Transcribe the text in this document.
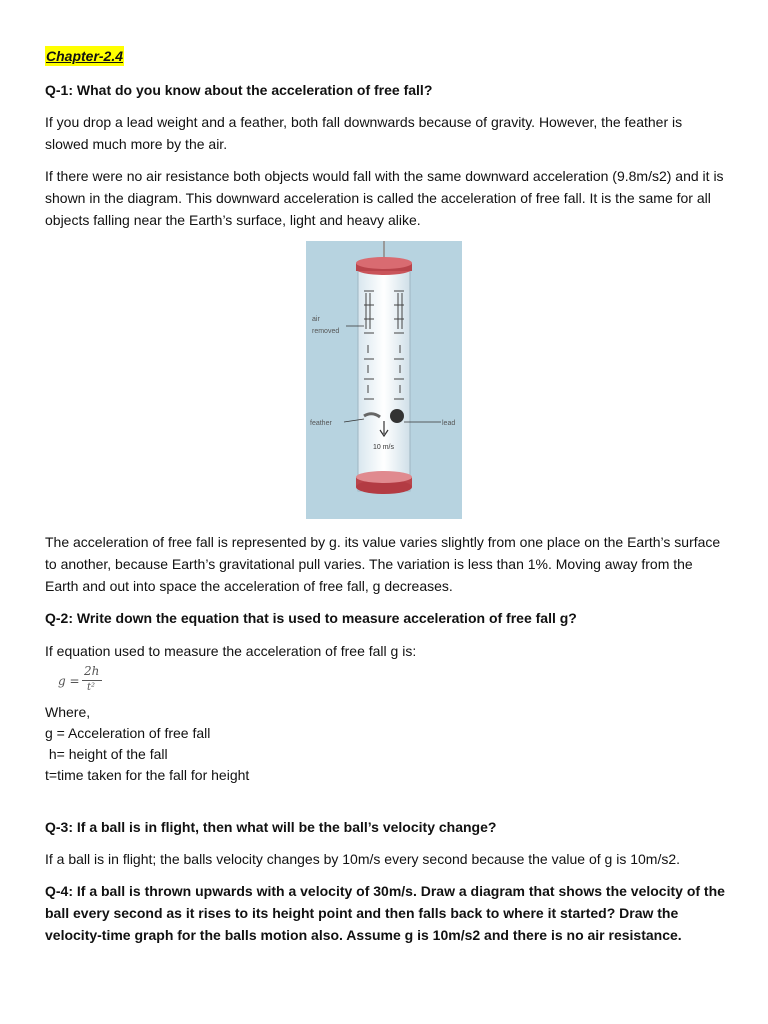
Chapter-2.4

Q-1: What do you know about the acceleration of free fall?

If you drop a lead weight and a feather, both fall downwards because of gravity. However, the feather is slowed much more by the air.

If there were no air resistance both objects would fall with the same downward acceleration (9.8m/s2) and it is shown in the diagram. This downward acceleration is called the acceleration of free fall. It is the same for all objects falling near the Earth’s surface, light and heavy alike.

air
removed
feather	lead
10 m/s

The acceleration of free fall is represented by g. its value varies slightly from one place on the Earth’s surface to another, because Earth’s gravitational pull varies. The variation is less than 1%. Moving away from the Earth and out into space the acceleration of free fall, g decreases.

Q-2: Write down the equation that is used to measure acceleration of free fall g?

If equation used to measure the acceleration of free fall g is:

g =
2h
t²
Where,
g = Acceleration of free fall
h= height of the fall
t=time taken for the fall for height

Q-3: If a ball is in flight, then what will be the ball’s velocity change?

If a ball is in flight; the balls velocity changes by 10m/s every second because the value of g is 10m/s2.

Q-4: If a ball is thrown upwards with a velocity of 30m/s. Draw a diagram that shows the velocity of the ball every second as it rises to its height point and then falls back to where it started? Draw the velocity-time graph for the balls motion also. Assume g is 10m/s2 and there is no air resistance.
